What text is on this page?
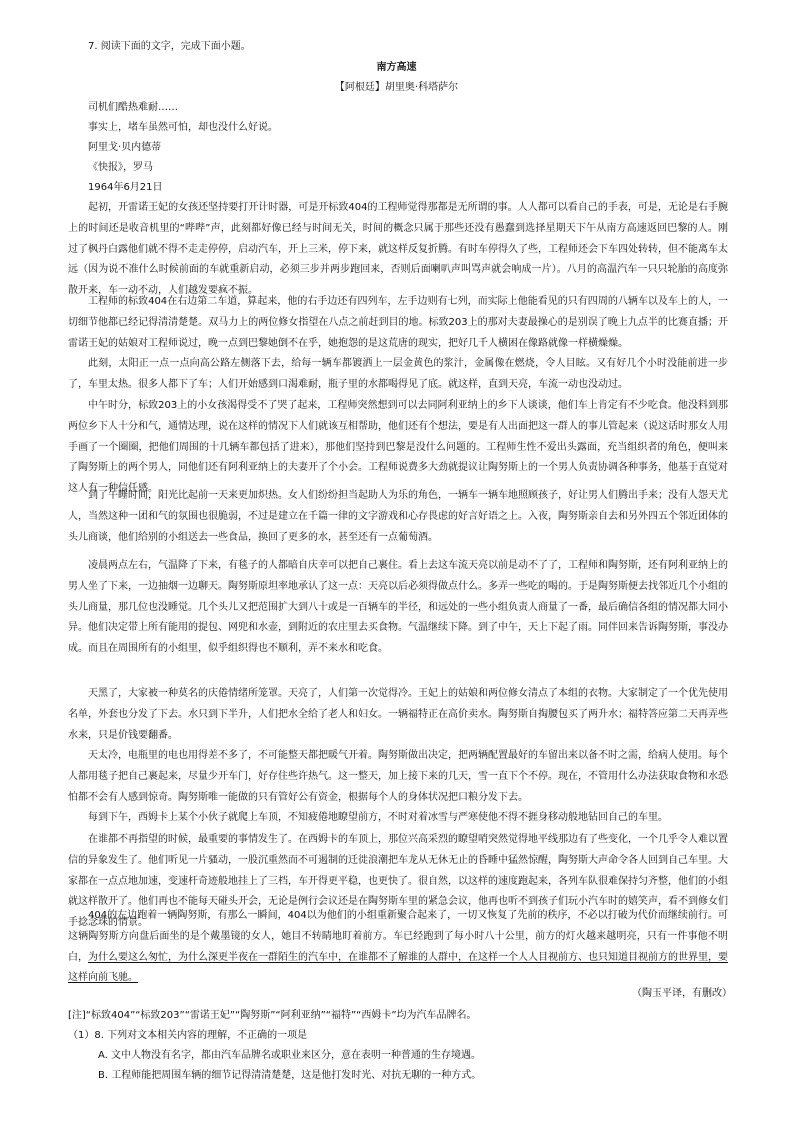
7. 阅读下面的文字，完成下面小题。
南方高速
【阿根廷】胡里奥·科塔萨尔
司机们酷热难耐……
事实上，堵车虽然可怕，却也没什么好说。
阿里戈·贝内德蒂
《快报》，罗马
1964年6月21日
起初，开雷诺王妃的女孩还坚持要打开计时器，可是开标致404的工程师觉得那都是无所谓的事。人人都可以看自己的手表，可是，无论是右手腕上的时间还是收音机里的“哔哔”声，此刻都好像已经与时间无关，时间的概念只属于那些还没有愚蠢到选择星期天下午从南方高速返回巴黎的人。刚过了枫丹白露他们就不得不走走停停，启动汽车，开上三米，停下来，就这样反复折腾。有时车停得久了些，工程师还会下车四处转转，但不能离车太远（因为说不准什么时候前面的车就重新启动，必须三步并两步跑回来，否则后面喇叭声叫骂声就会响成一片）。八月的高温汽车一只只轮胎的高度弥散开来，车一动不动，人们越发要疯不振。
工程师的标致404在右边第二车道，算起来，他的右手边还有四列车，左手边则有七列，而实际上他能看见的只有四周的八辆车以及车上的人，一切细节他都已经记得清清楚楚。双马力上的两位修女指望在八点之前赶到目的地。标致203上的那对夫妻最操心的是别误了晚上九点半的比赛直播；开雷诺王妃的姑娘对工程师说过，晚一点到巴黎她倒不在乎，她抱怨的是这荒唐的现实，把好几千人横困在像路就像一样横燥燥。
此刻，太阳正一点一点向高公路左侧落下去，给每一辆车都镀洒上一层金黄色的浆汁，金属像在燃烧，令人目眩。又有好几个小时没能前进一步了，车里太热。很多人都下了车；人们开始感到口渴难耐，瓶子里的水都喝得见了底。就这样，直到天亮，车流一动也没动过。
中午时分，标致203上的小女孩渴得受不了哭了起来，工程师突然想到可以去同阿利亚纳上的乡下人谈谈，他们车上肯定有不少吃食。他没料到那两位乡下人十分和气，通情达理，说在这样的情况下人们就该互相帮助，他们还有个想法，要是有人出面把这一群人的事儿管起来（说这话时那女人用手画了一个圈圈，把他们周围的十几辆车都包括了进来），那他们坚持到巴黎是没什么问题的。工程师生性不爱出头露面，充当组织者的角色，便叫来了陶努斯上的两个男人，同他们还有阿利亚纳上的夫妻开了个小会。工程师说费多大劲就提议让陶努斯上的一个男人负责协调各种事务，他基于直觉对这人有一种信任感。
到了午睡时间，阳光比起前一天来更加炽热。女人们纷纷担当起助人为乐的角色，一辆车一辆车地照顾孩子，好让男人们腾出手来；没有人怨天尤人，当然这种一团和气的氛围也很脆弱，不过是建立在千篇一律的文字游戏和心存畏虑的好言好语之上。入夜，陶努斯亲自去和另外四五个邻近团体的头儿商谈，他们给别的小组送去一些食品，换回了更多的水，甚至还有一点葡萄酒。
凌晨两点左右，气温降了下来，有毯子的人都暗自庆幸可以把自己裹住。看上去这车流天亮以前是动不了了，工程师和陶努斯，还有阿利亚纳上的男人坐了下来，一边抽烟一边聊天。陶努斯原坦率地承认了这一点：天亮以后必须得做点什么。多弄一些吃的喝的。于是陶努斯便去找邻近几个小组的头儿商量，那几位也没睡觉。几个头儿又把范围扩大到八十或是一百辆车的半径，和远处的一些小组负责人商量了一番，最后确信各组的情况都大同小异。他们决定带上所有能用的提包、网兜和水壶，到附近的农庄里去买食物。气温继续下降。到了中午，天上下起了雨。同伴回来告诉陶努斯，事没办成。而且在周围所有的小组里，似乎组织得也不顺利，弄不来水和吃食。
天黑了，大家被一种莫名的庆倦情绪所笼罩。天亮了，人们第一次觉得冷。王妃上的姑娘和两位修女清点了本组的衣物。大家制定了一个优先使用名单，外套也分发了下去。水只到下半升，人们把水全给了老人和妇女。一辆福特正在高价卖水。陶努斯自掏腰包买了两升水；福特答应第二天再弄些水来，只是价钱要翻番。
天太冷，电瓶里的电也用得差不多了，不可能整天都把暖气开着。陶努斯做出决定，把两辆配置最好的车留出来以备不时之需，给病人使用。每个人都用毯子把自己裹起来，尽量少开车门，好存住些许热气。这一整天，加上接下来的几天，雪一直下个不停。现在，不管用什么办法获取食物和水恐怕都不会有人感到惊奇。陶努斯唯一能做的只有管好公有资金，根据每个人的身体状况把口粮分发下去。
每到下午，西姆卡上某个小伙子就爬上车顶，不知疲倦地瞭望前方，不时对着冰雪与严寒使他不得不捱身移动般地钻回自己的车里。
在谁都不再指望的时候，最重要的事情发生了。在西姆卡的车顶上，那位兴高采烈的瞭望哨突然觉得地平线那边有了些变化，一个几乎令人难以置信的异象发生了。他们听见一片骚动，一股沉重然而不可遏制的迁徙浪潮把车龙从无休无止的昏睡中猛然惊醒，陶努斯大声命令各人回到自己车里。大家都在一点点地加速，变速杆奇迹般地挂上了三档，车开得更平稳，也更快了。很自然，以这样的速度跑起来，各列车队很难保持匀齐整，他们的小组就这样散开了。他们再也不能每天碰头开会，无论是例行会议还是在陶努斯车里的紧急会议，他再也听不到孩子们玩小汽车时的嬉笑声，看不到修女们手捻念珠的情景。
404的左边跑着一辆陶努斯，有那么一瞬间，404以为他们的小组重新聚合起来了，一切又恢复了先前的秩序，不必以打破为代价而继续前行。可这辆陶努斯方向盘后面坐的是个戴墨镜的女人，她目不转睛地盯着前方。车已经跑到了每小时八十公里，前方的灯火越来越明亮，只有一件事他不明白，为什么要这么匆忙，为什么深更半夜在一群陌生的汽车中，在谁都不了解谁的人群中，在这样一个人人目视前方、也只知道目视前方的世界里，要这样向前飞驰。
（陶玉平译，有删改）
[注]“标致404”“标致203”“雷诺王妃”“陶努斯”“阿利亚纳”“福特”“西姆卡”均为汽车品牌名。
（1）8. 下列对文本相关内容的理解，不正确的一项是
A. 文中人物没有名字，都由汽车品牌名或职业来区分，意在表明一种普通的生存境遇。
B. 工程师能把周围车辆的细节记得清清楚楚，这是他打发时光、对抗无聊的一种方式。
